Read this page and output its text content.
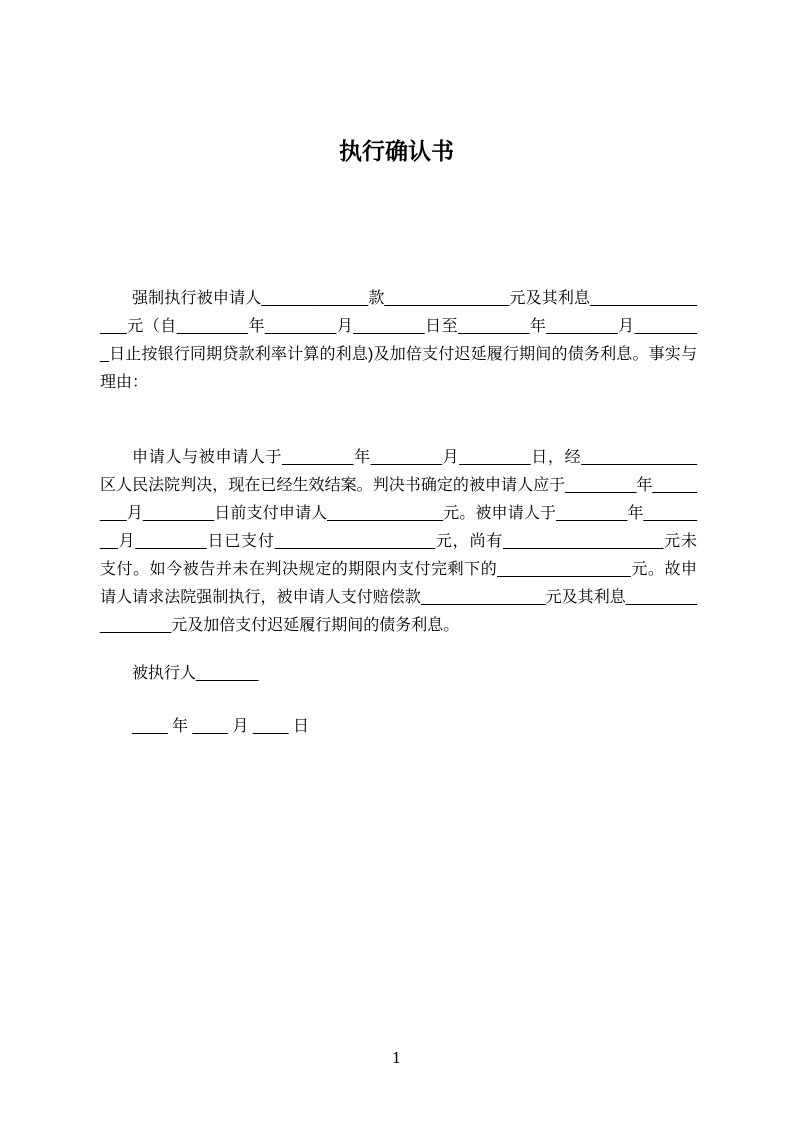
执行确认书

强制执行被申请人____________款______________元及其利息_______________元（自________年________月________日至________年________月________日止按银行同期贷款利率计算的利息)及加倍支付迟延履行期间的债务利息。事实与理由：

申请人与被申请人于________年________月________日，经_____________区人民法院判决，现在已经生效结案。判决书确定的被申请人应于________年________月________日前支付申请人_____________元。被申请人于________年________月________日已支付__________________元，尚有__________________元未支付。如今被告并未在判决规定的期限内支付完剩下的_______________元。故申请人请求法院强制执行，被申请人支付赔偿款______________元及其利息________________元及加倍支付迟延履行期间的债务利息。

被执行人_______

____ 年 ____ 月 ____ 日

1
